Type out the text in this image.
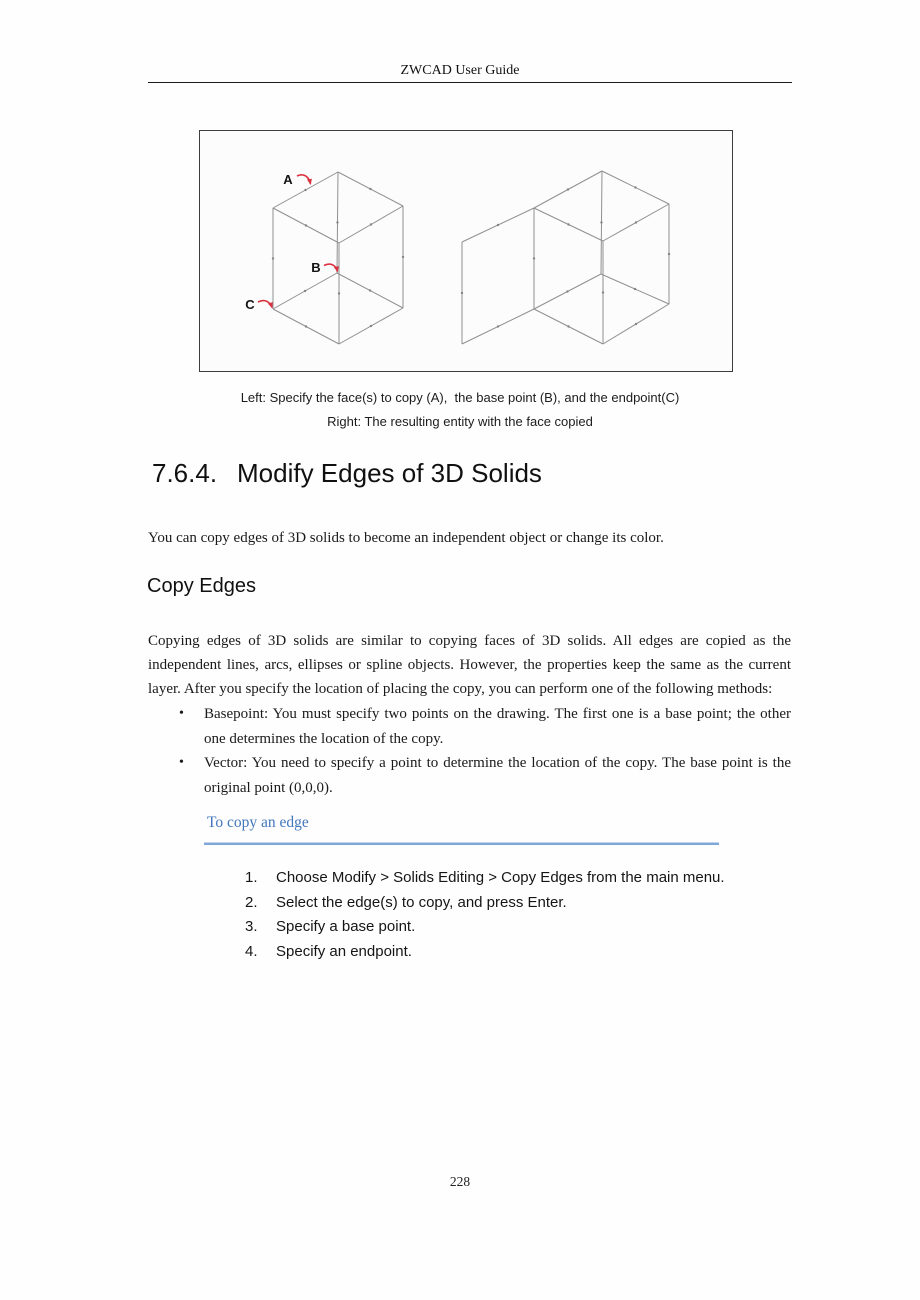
ZWCAD User Guide
A
B
C
Left: Specify the face(s) to copy (A),  the base point (B), and the endpoint(C)
Right: The resulting entity with the face copied
7.6.4. Modify Edges of 3D Solids
You can copy edges of 3D solids to become an independent object or change its color.
Copy Edges
Copying edges of 3D solids are similar to copying faces of 3D solids. All edges are copied as the independent lines, arcs, ellipses or spline objects. However, the properties keep the same as the current layer. After you specify the location of placing the copy, you can perform one of the following methods:
• Basepoint: You must specify two points on the drawing. The first one is a base point; the other one determines the location of the copy.
• Vector: You need to specify a point to determine the location of the copy. The base point is the original point (0,0,0).
To copy an edge
1.	Choose Modify > Solids Editing > Copy Edges from the main menu.
2.	Select the edge(s) to copy, and press Enter.
3.	Specify a base point.
4.	Specify an endpoint.
228
